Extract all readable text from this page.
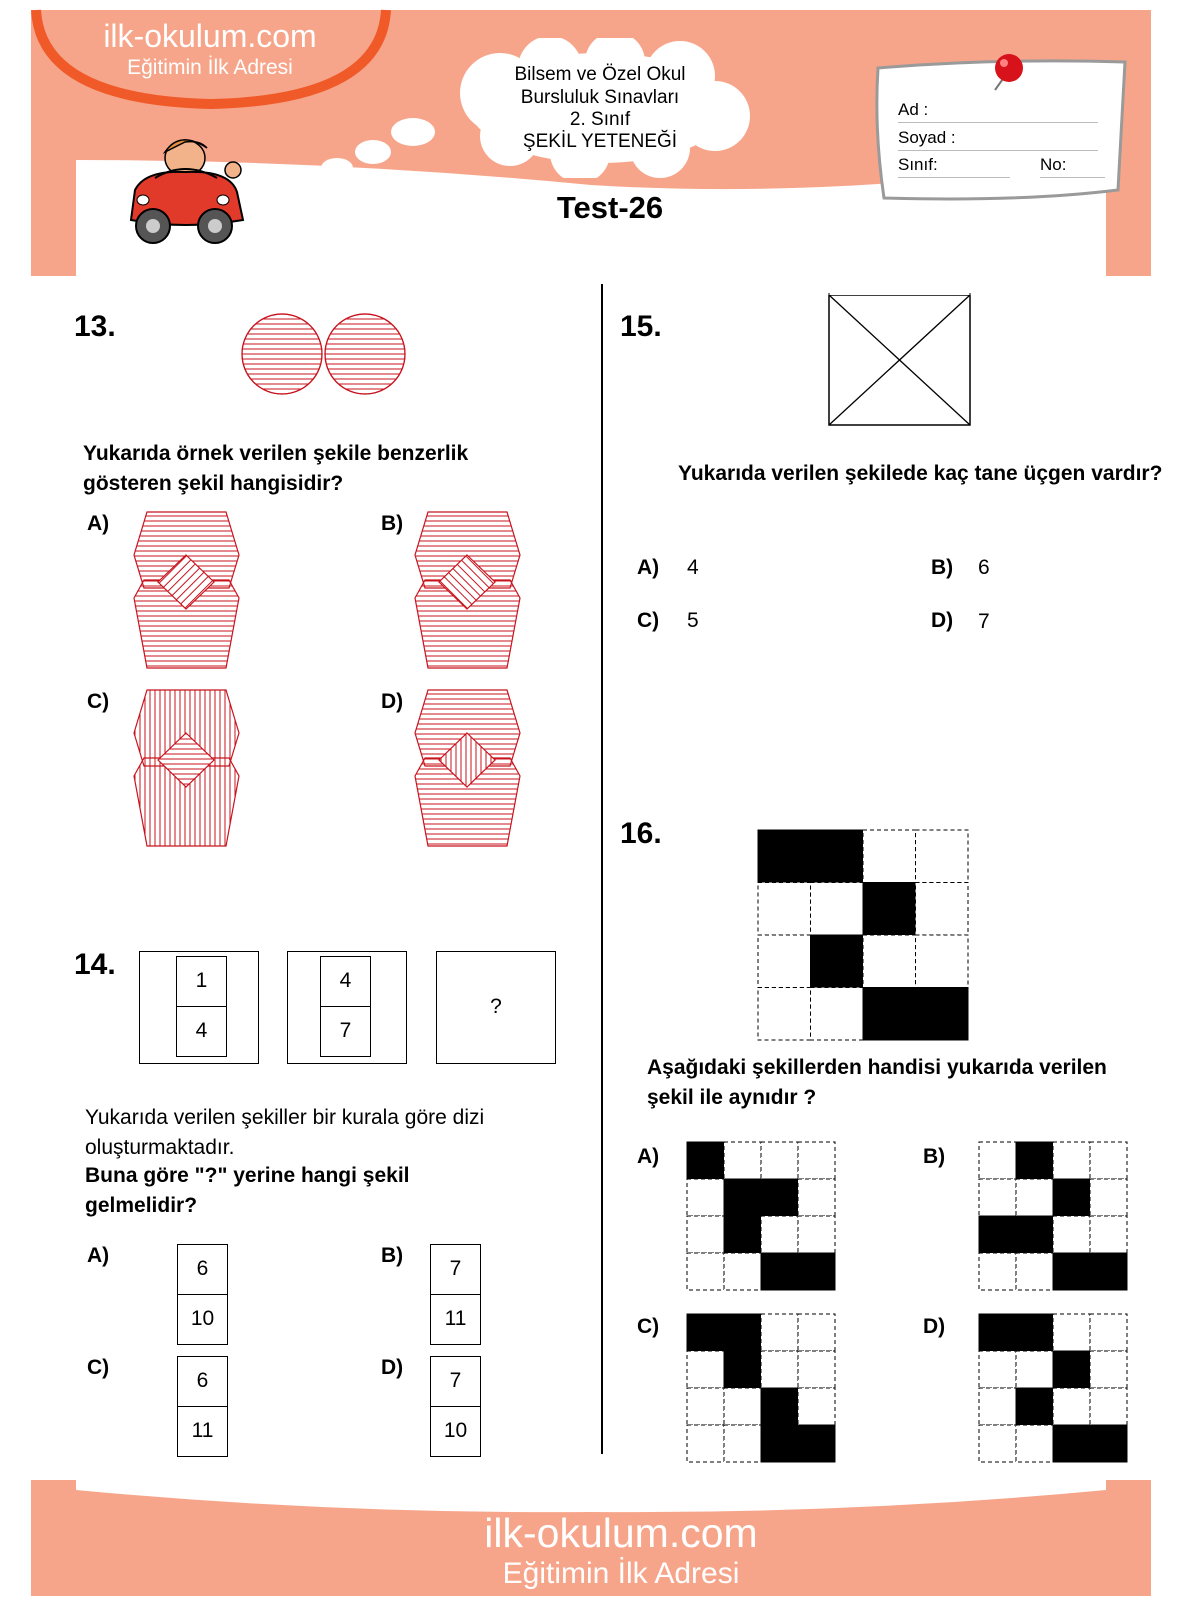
ilk-okulum.com
Eğitimin İlk Adresi	Bilsem ve Özel Okul
Bursluluk Sınavları
2. Sınıf
ŞEKİL YETENEĞİ
Test-26
Ad :
Soyad :
Sınıf:	No:
13.
Yukarıda örnek verilen şekile benzerlik gösteren şekil hangisidir?
A)	B)
C)	D)
14.	1
4
4
7
?
Yukarıda verilen şekiller bir kurala göre dizi oluşturmaktadır.
Buna göre "?" yerine hangi şekil gelmelidir?
A)
6
10
B)
7
11
C)
6
11
D)
7
10
15.
Yukarıda verilen şekilede kaç tane üçgen vardır?
A) 4	B) 6
C) 5	D) 7
16.
Aşağıdaki şekillerden handisi yukarıda verilen şekil ile aynıdır ?
A)	B)
C)	D)
ilk-okulum.com
Eğitimin İlk Adresi
